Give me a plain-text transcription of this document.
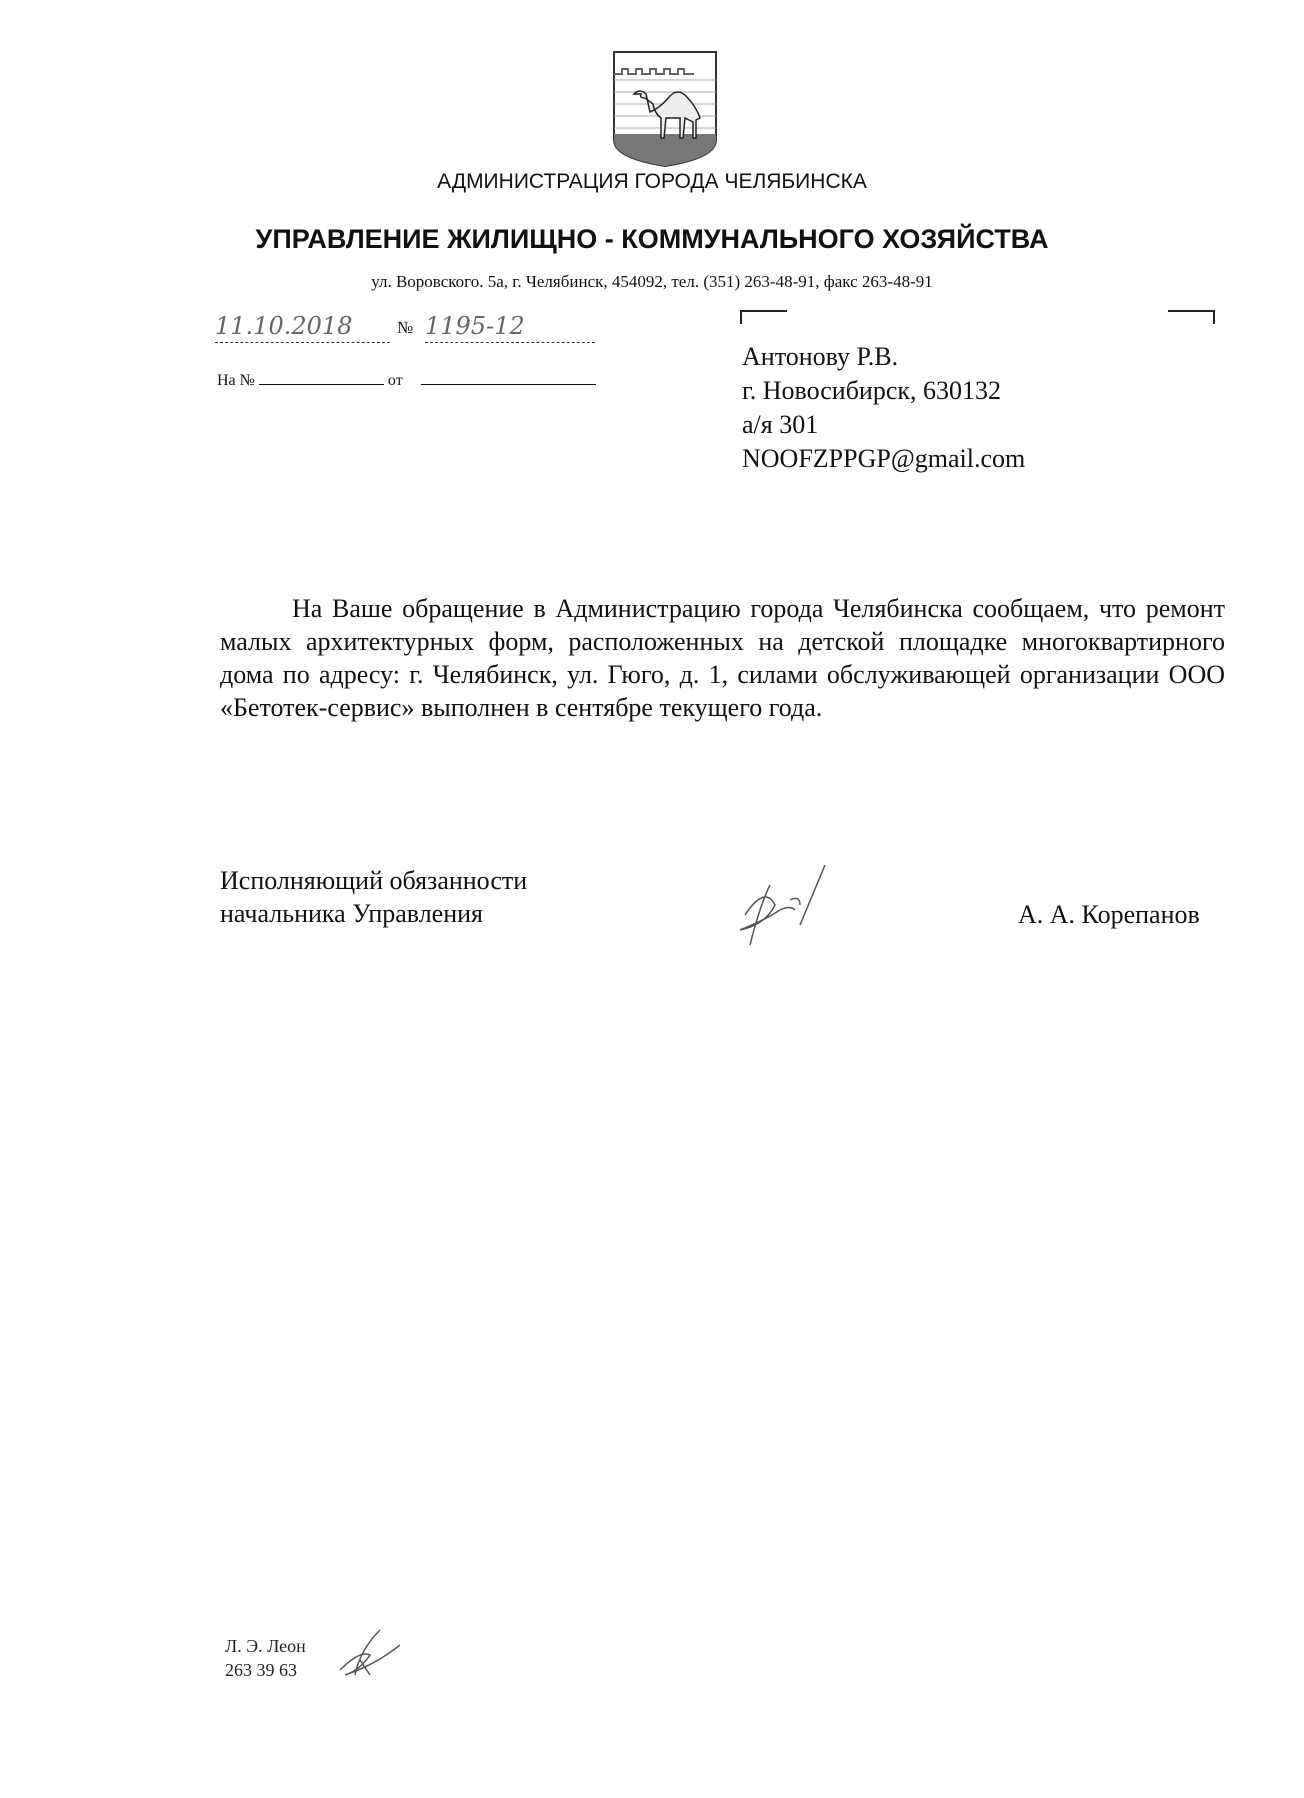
АДМИНИСТРАЦИЯ ГОРОДА ЧЕЛЯБИНСКА
УПРАВЛЕНИЕ ЖИЛИЩНО - КОММУНАЛЬНОГО ХОЗЯЙСТВА
ул. Воровского. 5а, г. Челябинск, 454092, тел. (351) 263-48-91, факс 263-48-91
11.10.2018	№ 1195-12
На №	от
Антонову Р.В.
г. Новосибирск, 630132
а/я 301
NOOFZPPGP@gmail.com

На Ваше обращение в Администрацию города Челябинска сообщаем, что ремонт малых архитектурных форм, расположенных на детской площадке многоквартирного дома по адресу: г. Челябинск, ул. Гюго, д. 1, силами обслуживающей организации ООО «Бетотек-сервис» выполнен в сентябре текущего года.

Исполняющий обязанности
начальника Управления	А. А. Корепанов
Л. Э. Леон
263 39 63
